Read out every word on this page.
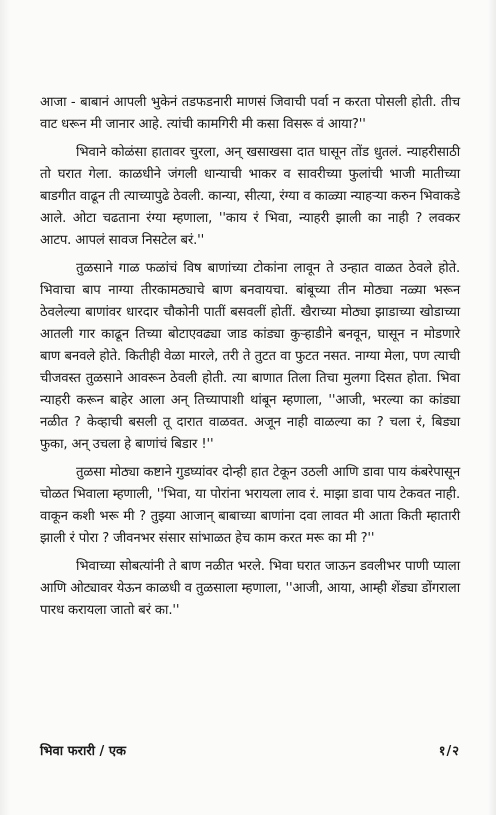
आजा - बाबानं आपली भुकेनं तडफडनारी माणसं जिवाची पर्वा न करता पोसली होती. तीच वाट धरून मी जानार आहे. त्यांची कामगिरी मी कसा विसरू वं आया?''

भिवाने कोळंसा हातावर चुरला, अन् खसाखसा दात घासून तोंड धुतलं. न्याहरीसाठी तो घरात गेला. काळधीने जंगली धान्याची भाकर व सावरीच्या फुलांची भाजी मातीच्या बाडगीत वाढून ती त्याच्यापुढे ठेवली. कान्या, सीत्या, रंग्या व काळ्या न्याहऱ्या करुन भिवाकडे आले. ओटा चढताना रंग्या म्हणाला, ''काय रं भिवा, न्याहरी झाली का नाही ? लवकर आटप. आपलं सावज निसटेल बरं.''

तुळसाने गाळ फळांचं विष बाणांच्या टोकांना लावून ते उन्हात वाळत ठेवले होते. भिवाचा बाप नाग्या तीरकामठ्याचे बाण बनवायचा. बांबूच्या तीन मोठ्या नळ्या भरून ठेवलेल्या बाणांवर धारदार चौकोनी पातीं बसवलीं होतीं. खैराच्या मोठ्या झाडाच्या खोडाच्या आतली गार काढून तिच्या बोटाएवढ्या जाड कांड्या कुऱ्हाडीने बनवून, घासून न मोडणारे बाण बनवले होते. कितीही वेळा मारले, तरी ते तुटत वा फुटत नसत. नाग्या मेला, पण त्याची चीजवस्त तुळसाने आवरून ठेवली होती. त्या बाणात तिला तिचा मुलगा दिसत होता. भिवा न्याहरी करून बाहेर आला अन् तिच्यापाशी थांबून म्हणाला, ''आजी, भरल्या का कांड्या नळीत ? केव्हाची बसली तू दारात वाळवत. अजून नाही वाळल्या का ? चला रं, बिड्या फुका, अन् उचला हे बाणांचं बिडार !''

तुळसा मोठ्या कष्टाने गुडघ्यांवर दोन्ही हात टेकून उठली आणि डावा पाय कंबरेपासून चोळत भिवाला म्हणाली, ''भिवा, या पोरांना भरायला लाव रं. माझा डावा पाय टेकवत नाही. वाकून कशी भरू मी ? तुझ्या आजान् बाबाच्या बाणांना दवा लावत मी आता किती म्हातारी झाली रं पोरा ? जीवनभर संसार सांभाळत हेच काम करत मरू का मी ?''

भिवाच्या सोबत्यांनी ते बाण नळीत भरले. भिवा घरात जाऊन डवलीभर पाणी प्याला आणि ओट्यावर येऊन काळधी व तुळसाला म्हणाला, ''आजी, आया, आम्ही शेंड्या डोंगराला पारध करायला जातो बरं का.''

भिवा फरारी / एक	१/२
